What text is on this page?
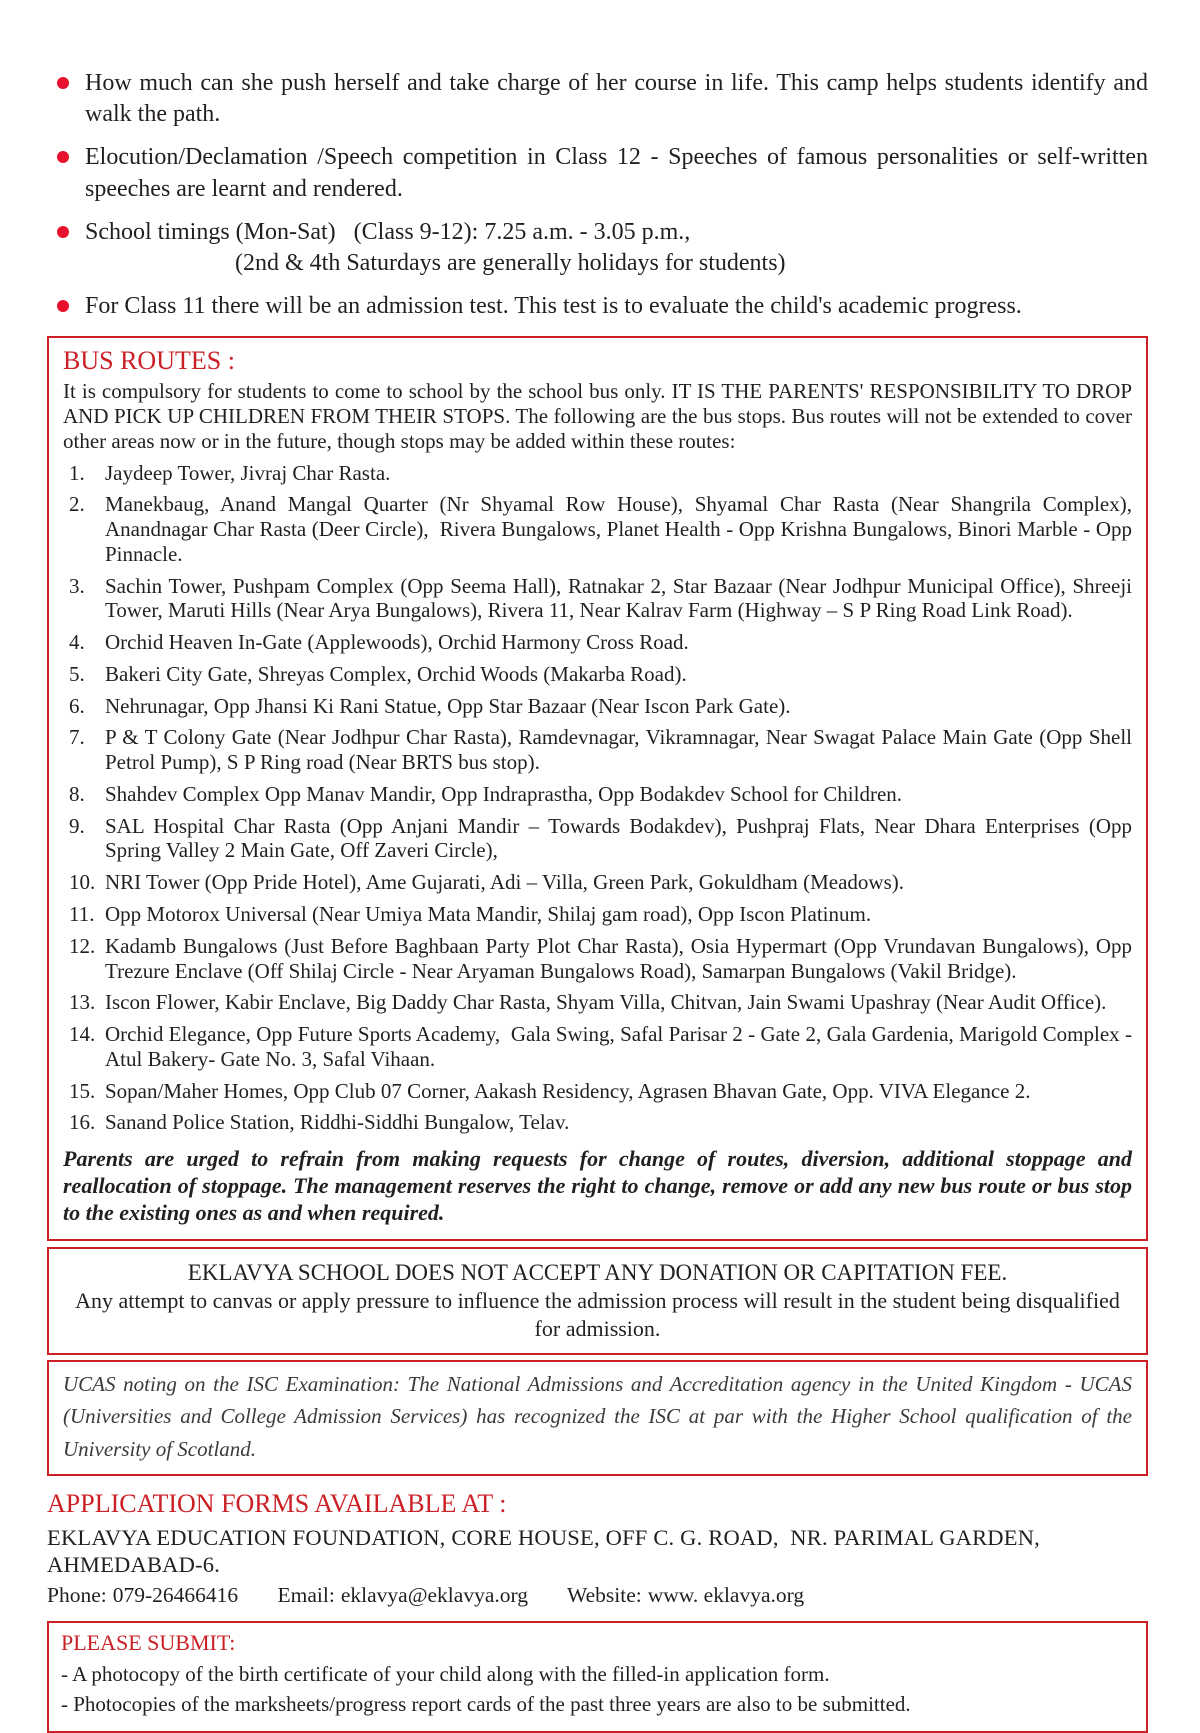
How much can she push herself and take charge of her course in life. This camp helps students identify and walk the path.
Elocution/Declamation /Speech competition in Class 12 - Speeches of famous personalities or self-written speeches are learnt and rendered.
School timings (Mon-Sat)   (Class 9-12): 7.25 a.m. - 3.05 p.m.,
(2nd & 4th Saturdays are generally holidays for students)
For Class 11 there will be an admission test. This test is to evaluate the child's academic progress.
BUS ROUTES :
It is compulsory for students to come to school by the school bus only. IT IS THE PARENTS' RESPONSIBILITY TO DROP AND PICK UP CHILDREN FROM THEIR STOPS. The following are the bus stops. Bus routes will not be extended to cover other areas now or in the future, though stops may be added within these routes:
Jaydeep Tower, Jivraj Char Rasta.
Manekbaug, Anand Mangal Quarter (Nr Shyamal Row House), Shyamal Char Rasta (Near Shangrila Complex), Anandnagar Char Rasta (Deer Circle),  Rivera Bungalows, Planet Health - Opp Krishna Bungalows, Binori Marble - Opp Pinnacle.
Sachin Tower, Pushpam Complex (Opp Seema Hall), Ratnakar 2, Star Bazaar (Near Jodhpur Municipal Office), Shreeji Tower, Maruti Hills (Near Arya Bungalows), Rivera 11, Near Kalrav Farm (Highway – S P Ring Road Link Road).
Orchid Heaven In-Gate (Applewoods), Orchid Harmony Cross Road.
Bakeri City Gate, Shreyas Complex, Orchid Woods (Makarba Road).
Nehrunagar, Opp Jhansi Ki Rani Statue, Opp Star Bazaar (Near Iscon Park Gate).
P & T Colony Gate (Near Jodhpur Char Rasta), Ramdevnagar, Vikramnagar, Near Swagat Palace Main Gate (Opp Shell Petrol Pump), S P Ring road (Near BRTS bus stop).
Shahdev Complex Opp Manav Mandir, Opp Indraprastha, Opp Bodakdev School for Children.
SAL Hospital Char Rasta (Opp Anjani Mandir – Towards Bodakdev), Pushpraj Flats, Near Dhara Enterprises (Opp Spring Valley 2 Main Gate, Off Zaveri Circle),
NRI Tower (Opp Pride Hotel), Ame Gujarati, Adi – Villa, Green Park, Gokuldham (Meadows).
Opp Motorox Universal (Near Umiya Mata Mandir, Shilaj gam road), Opp Iscon Platinum.
Kadamb Bungalows (Just Before Baghbaan Party Plot Char Rasta), Osia Hypermart (Opp Vrundavan Bungalows), Opp Trezure Enclave (Off Shilaj Circle - Near Aryaman Bungalows Road), Samarpan Bungalows (Vakil Bridge).
Iscon Flower, Kabir Enclave, Big Daddy Char Rasta, Shyam Villa, Chitvan, Jain Swami Upashray (Near Audit Office).
Orchid Elegance, Opp Future Sports Academy,  Gala Swing, Safal Parisar 2 - Gate 2, Gala Gardenia, Marigold Complex - Atul Bakery- Gate No. 3, Safal Vihaan.
Sopan/Maher Homes, Opp Club 07 Corner, Aakash Residency, Agrasen Bhavan Gate, Opp. VIVA Elegance 2.
Sanand Police Station, Riddhi-Siddhi Bungalow, Telav.
Parents are urged to refrain from making requests for change of routes, diversion, additional stoppage and reallocation of stoppage. The management reserves the right to change, remove or add any new bus route or bus stop to the existing ones as and when required.
EKLAVYA SCHOOL DOES NOT ACCEPT ANY DONATION OR CAPITATION FEE.
Any attempt to canvas or apply pressure to influence the admission process will result in the student being disqualified for admission.
UCAS noting on the ISC Examination: The National Admissions and Accreditation agency in the United Kingdom - UCAS (Universities and College Admission Services) has recognized the ISC at par with the Higher School qualification of the University of Scotland.
APPLICATION FORMS AVAILABLE AT :
EKLAVYA EDUCATION FOUNDATION, CORE HOUSE, OFF C. G. ROAD,  NR. PARIMAL GARDEN,  AHMEDABAD-6.
Phone: 079-26466416 Email: eklavya@eklavya.org Website: www. eklavya.org
PLEASE SUBMIT:
- A photocopy of the birth certificate of your child along with the filled-in application form.
- Photocopies of the marksheets/progress report cards of the past three years are also to be submitted.
